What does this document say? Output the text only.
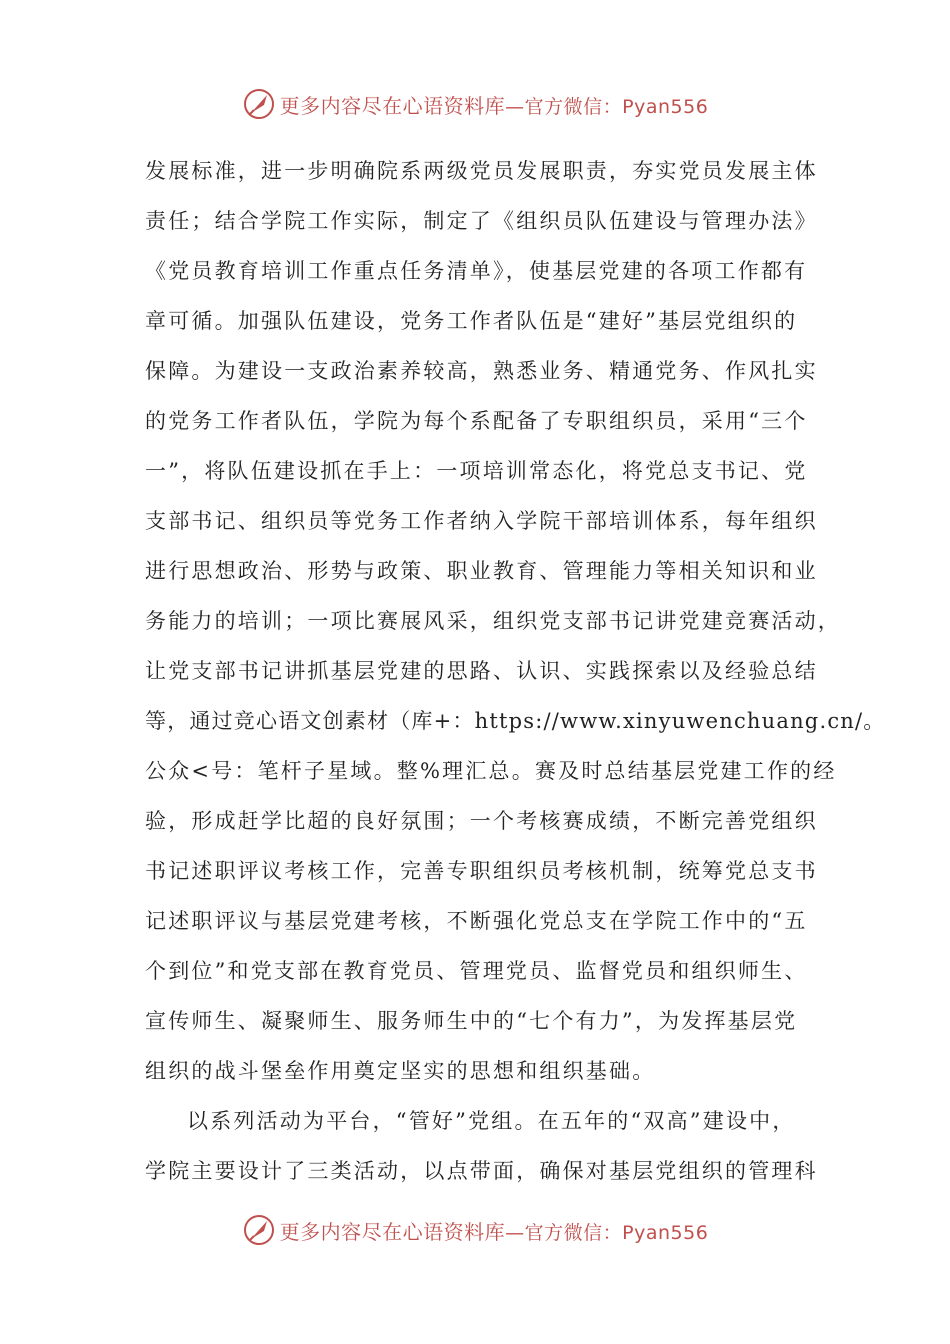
更多内容尽在心语资料库—官方微信：Pyan556
发展标准，进一步明确院系两级党员发展职责，夯实党员发展主体
责任；结合学院工作实际，制定了《组织员队伍建设与管理办法》
《党员教育培训工作重点任务清单》，使基层党建的各项工作都有
章可循。加强队伍建设，党务工作者队伍是“建好”基层党组织的
保障。为建设一支政治素养较高，熟悉业务、精通党务、作风扎实
的党务工作者队伍，学院为每个系配备了专职组织员，采用“三个
一”，将队伍建设抓在手上：一项培训常态化，将党总支书记、党
支部书记、组织员等党务工作者纳入学院干部培训体系，每年组织
进行思想政治、形势与政策、职业教育、管理能力等相关知识和业
务能力的培训；一项比赛展风采，组织党支部书记讲党建竞赛活动，
让党支部书记讲抓基层党建的思路、认识、实践探索以及经验总结
等，通过竞心语文创素材（库+：https://www.xinyuwenchuang.cn/。
公众<号：笔杆子星域。整%理汇总。赛及时总结基层党建工作的经
验，形成赶学比超的良好氛围；一个考核赛成绩，不断完善党组织
书记述职评议考核工作，完善专职组织员考核机制，统筹党总支书
记述职评议与基层党建考核，不断强化党总支在学院工作中的“五
个到位”和党支部在教育党员、管理党员、监督党员和组织师生、
宣传师生、凝聚师生、服务师生中的“七个有力”，为发挥基层党
组织的战斗堡垒作用奠定坚实的思想和组织基础。
以系列活动为平台，“管好”党组。在五年的“双高”建设中，
学院主要设计了三类活动，以点带面，确保对基层党组织的管理科
更多内容尽在心语资料库—官方微信：Pyan556
